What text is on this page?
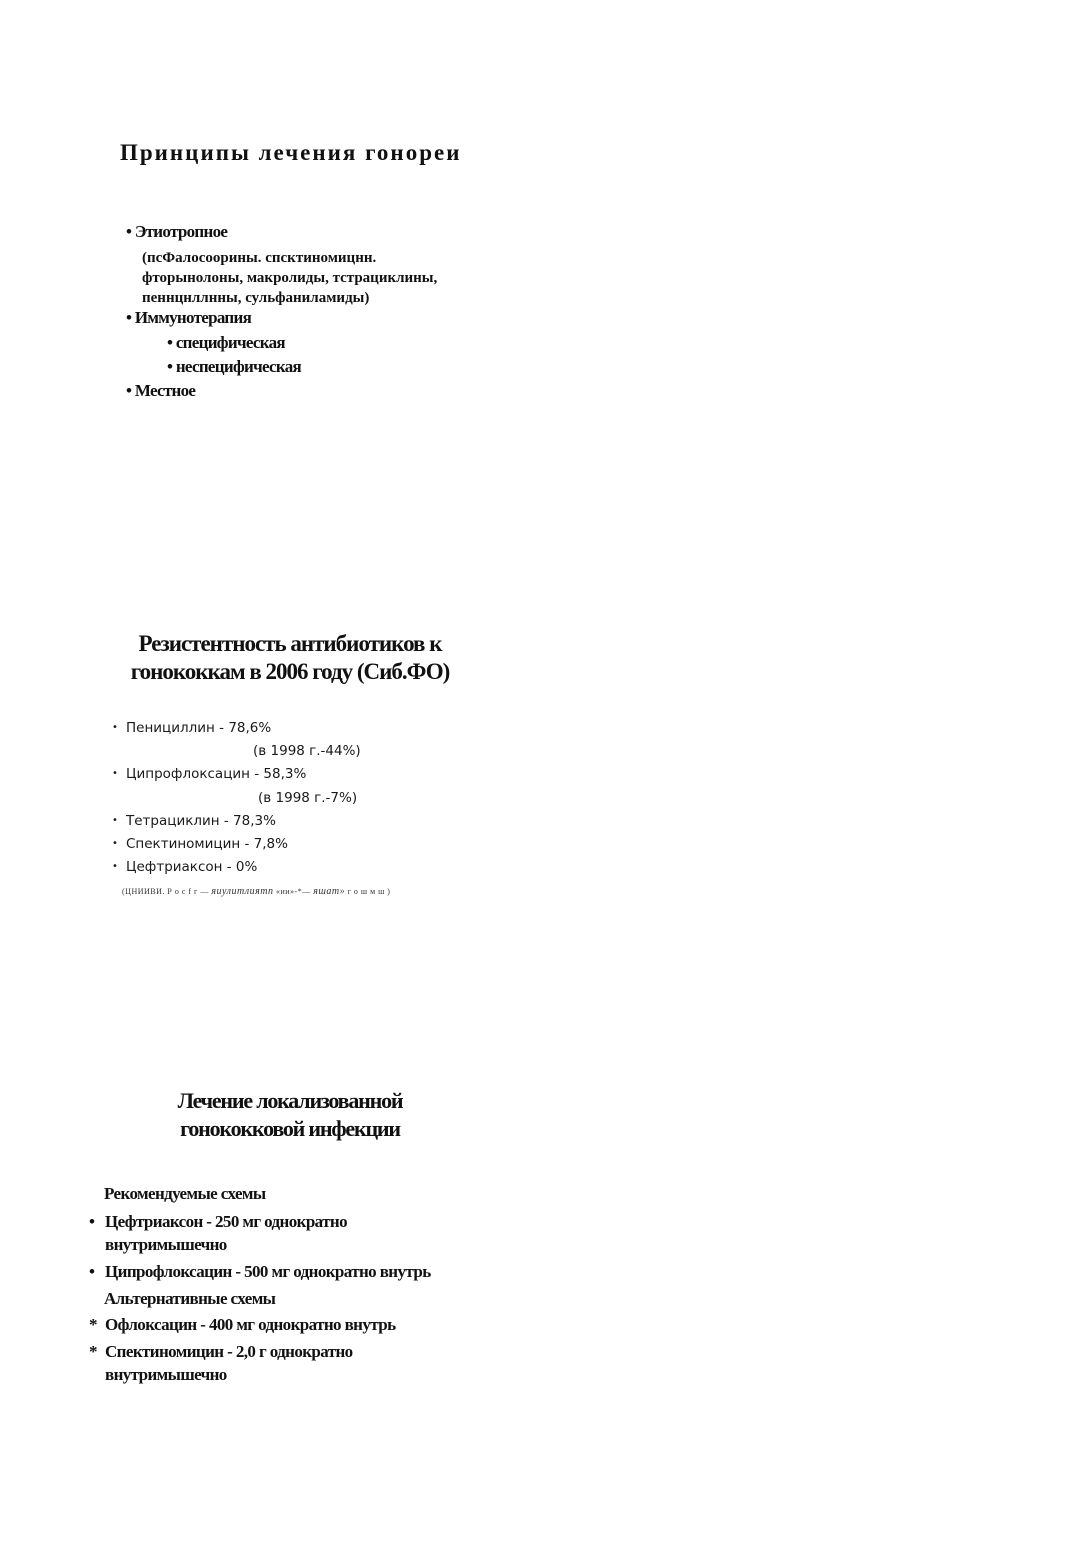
Принципы лечения гонореи
• Этиотропное
(псФалосоорины. спсктиномицнн.
фторынолоны, макролиды, тстрациклины,
пеннцнллнны, сульфаниламиды)
• Иммунотерапия
• специфическая
• неспецифическая
• Местное
Резистентность антибиотиков к
гонококкам в 2006 году (Сиб.ФО)
• Пенициллин - 78,6%
(в 1998 г.-44%)
• Ципрофлоксацин - 58,3%
(в 1998 г.-7%)
• Тетрациклин - 78,3%
• Спектиномицин - 7,8%
• Цефтриаксон - 0%
(ЦНИИВИ. Р о с f г — яиулитлиятп «ии»-*— яшат» г о ш м ш )
Лечение локализованной
гонококковой инфекции
Рекомендуемые схемы
• Цефтриаксон - 250 мг однократно
внутримышечно
• Ципрофлоксацин - 500 мг однократно внутрь
Альтернативные схемы
* Офлоксацин - 400 мг однократно внутрь
* Спектиномицин - 2,0 г однократно
внутримышечно
